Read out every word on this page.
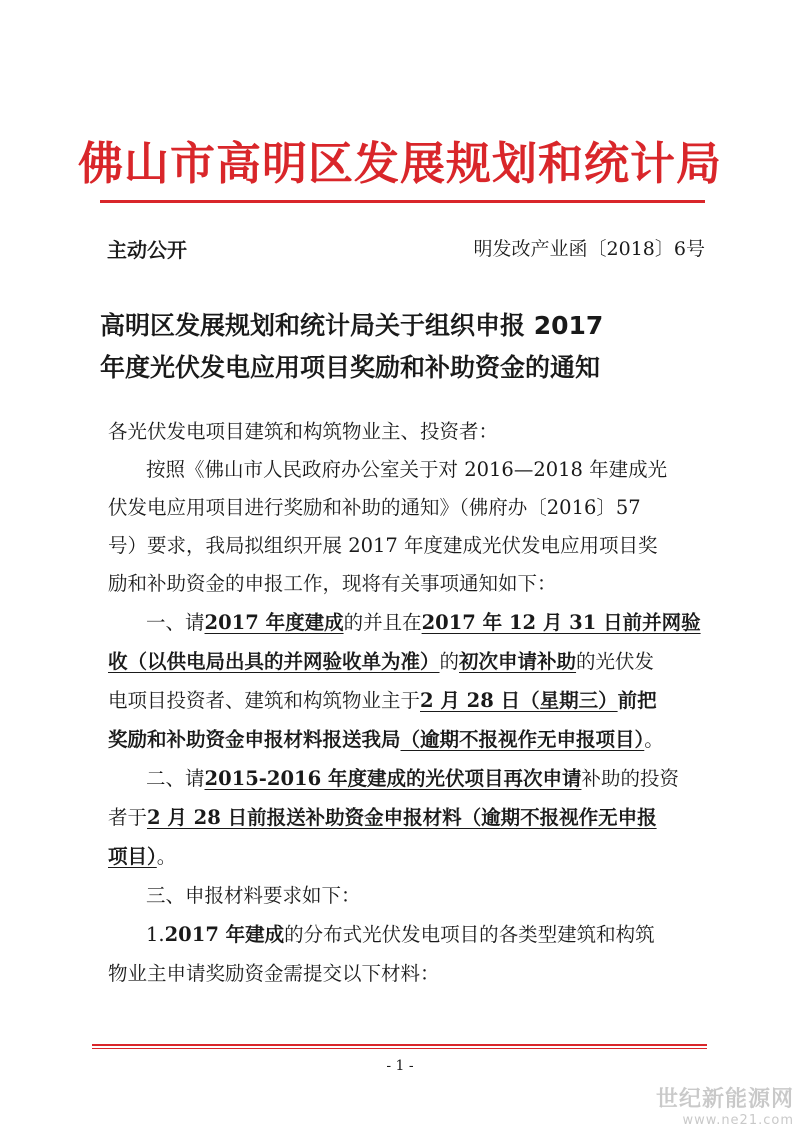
佛山市高明区发展规划和统计局
主动公开	明发改产业函〔2018〕6号
高明区发展规划和统计局关于组织申报 2017
年度光伏发电应用项目奖励和补助资金的通知
各光伏发电项目建筑和构筑物业主、投资者：
按照《佛山市人民政府办公室关于对 2016—2018 年建成光
伏发电应用项目进行奖励和补助的通知》（佛府办〔2016〕57
号）要求，我局拟组织开展 2017 年度建成光伏发电应用项目奖
励和补助资金的申报工作，现将有关事项通知如下：
一、请2017 年度建成的并且在2017 年 12 月 31 日前并网验
收（以供电局出具的并网验收单为准）的初次申请补助的光伏发
电项目投资者、建筑和构筑物业主于2 月 28 日（星期三）前把
奖励和补助资金申报材料报送我局（逾期不报视作无申报项目）。
二、请2015-2016 年度建成的光伏项目再次申请补助的投资
者于2 月 28 日前报送补助资金申报材料（逾期不报视作无申报
项目）。
三、申报材料要求如下：
1.2017 年建成的分布式光伏发电项目的各类型建筑和构筑
物业主申请奖励资金需提交以下材料：
- 1 -
世纪新能源网
www.ne21.com
